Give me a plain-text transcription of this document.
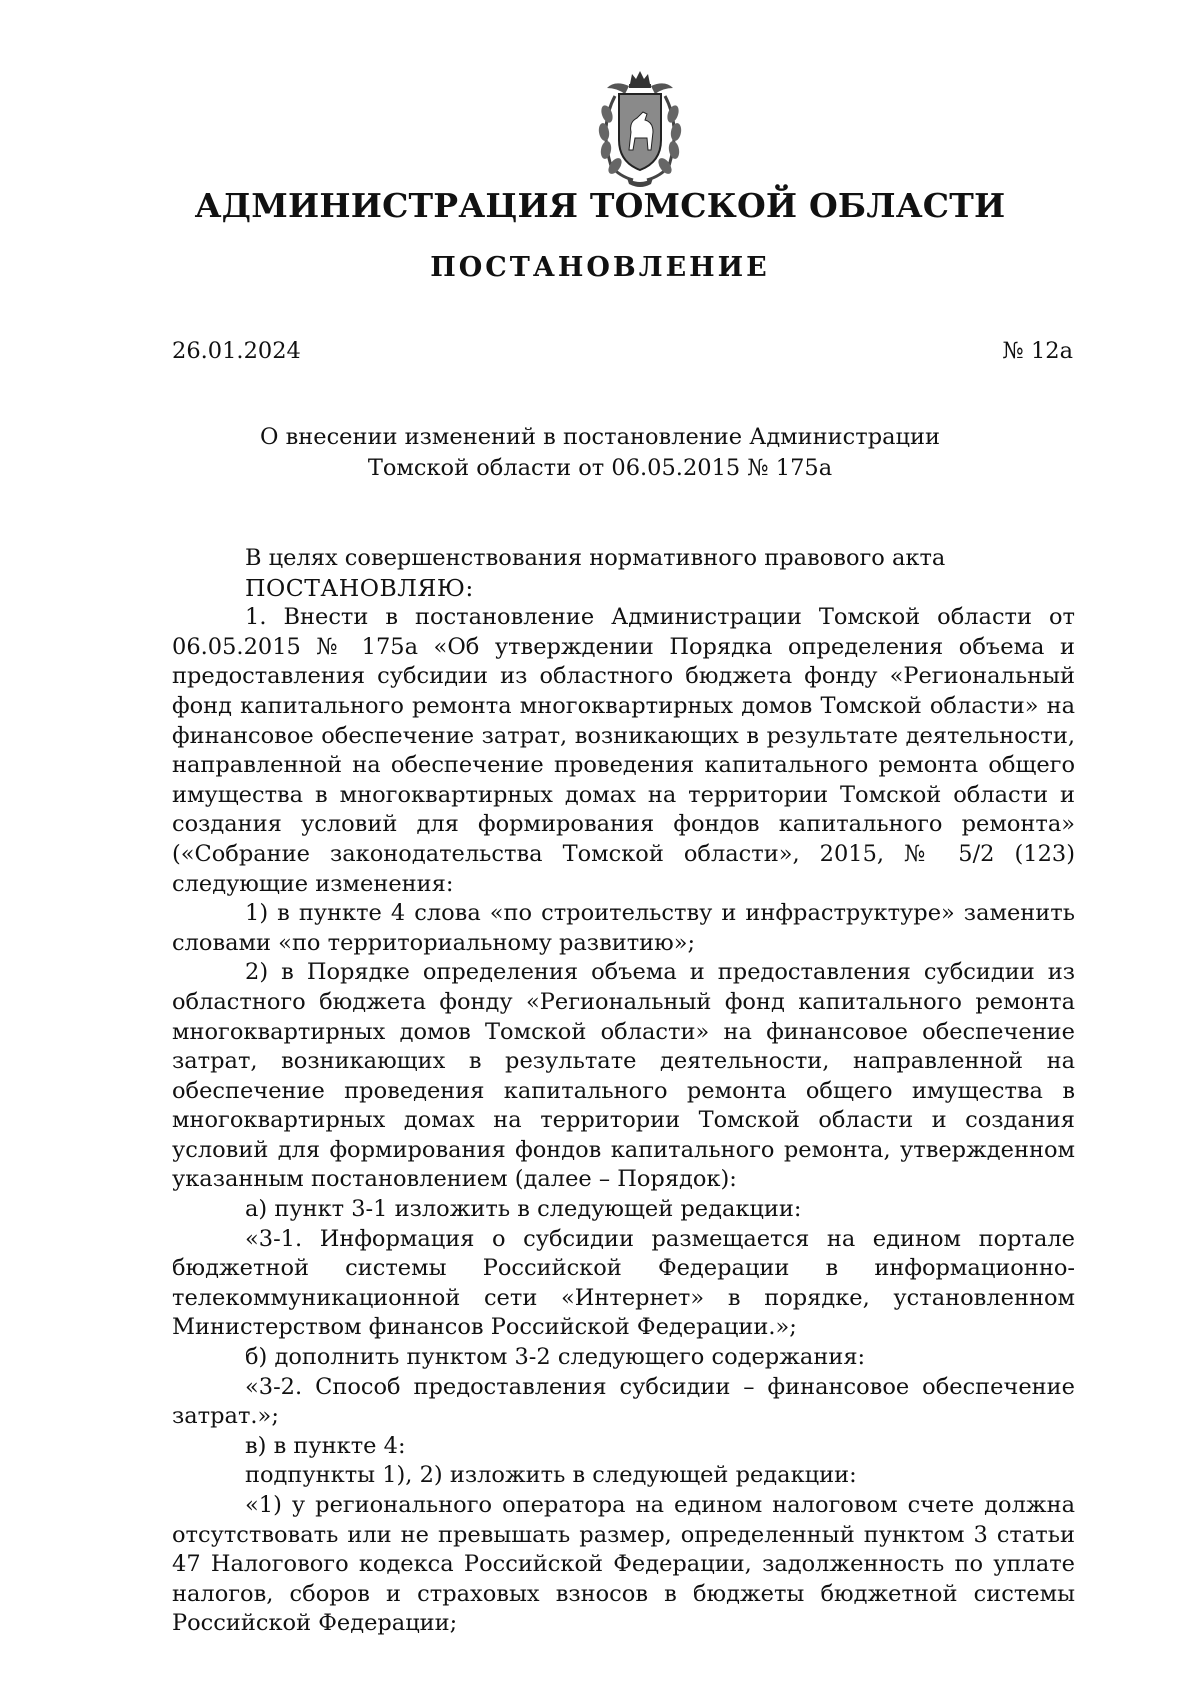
АДМИНИСТРАЦИЯ ТОМСКОЙ ОБЛАСТИ
ПОСТАНОВЛЕНИЕ
26.01.2024	№ 12а
О внесении изменений в постановление Администрации
Томской области от 06.05.2015 № 175а

В целях совершенствования нормативного правового акта

ПОСТАНОВЛЯЮ:

1. Внести в постановление Администрации Томской области от 06.05.2015 № 175а «Об утверждении Порядка определения объема и предоставления субсидии из областного бюджета фонду «Региональный фонд капитального ремонта многоквартирных домов Томской области» на финансовое обеспечение затрат, возникающих в результате деятельности, направленной на обеспечение проведения капитального ремонта общего имущества в многоквартирных домах на территории Томской области и создания условий для формирования фондов капитального ремонта» («Собрание законодательства Томской области», 2015, № 5/2 (123) следующие изменения:

1) в пункте 4 слова «по строительству и инфраструктуре» заменить словами «по территориальному развитию»;

2) в Порядке определения объема и предоставления субсидии из областного бюджета фонду «Региональный фонд капитального ремонта многоквартирных домов Томской области» на финансовое обеспечение затрат, возникающих в результате деятельности, направленной на обеспечение проведения капитального ремонта общего имущества в многоквартирных домах на территории Томской области и создания условий для формирования фондов капитального ремонта, утвержденном указанным постановлением (далее – Порядок):

а) пункт 3-1 изложить в следующей редакции:

«3-1. Информация о субсидии размещается на едином портале бюджетной системы Российской Федерации в информационно-телекоммуникационной сети «Интернет» в порядке, установленном Министерством финансов Российской Федерации.»;

б) дополнить пунктом 3-2 следующего содержания:

«3-2. Способ предоставления субсидии – финансовое обеспечение затрат.»;

в) в пункте 4:

подпункты 1), 2) изложить в следующей редакции:

«1) у регионального оператора на едином налоговом счете должна отсутствовать или не превышать размер, определенный пунктом 3 статьи 47 Налогового кодекса Российской Федерации, задолженность по уплате налогов, сборов и страховых взносов в бюджеты бюджетной системы Российской Федерации;
